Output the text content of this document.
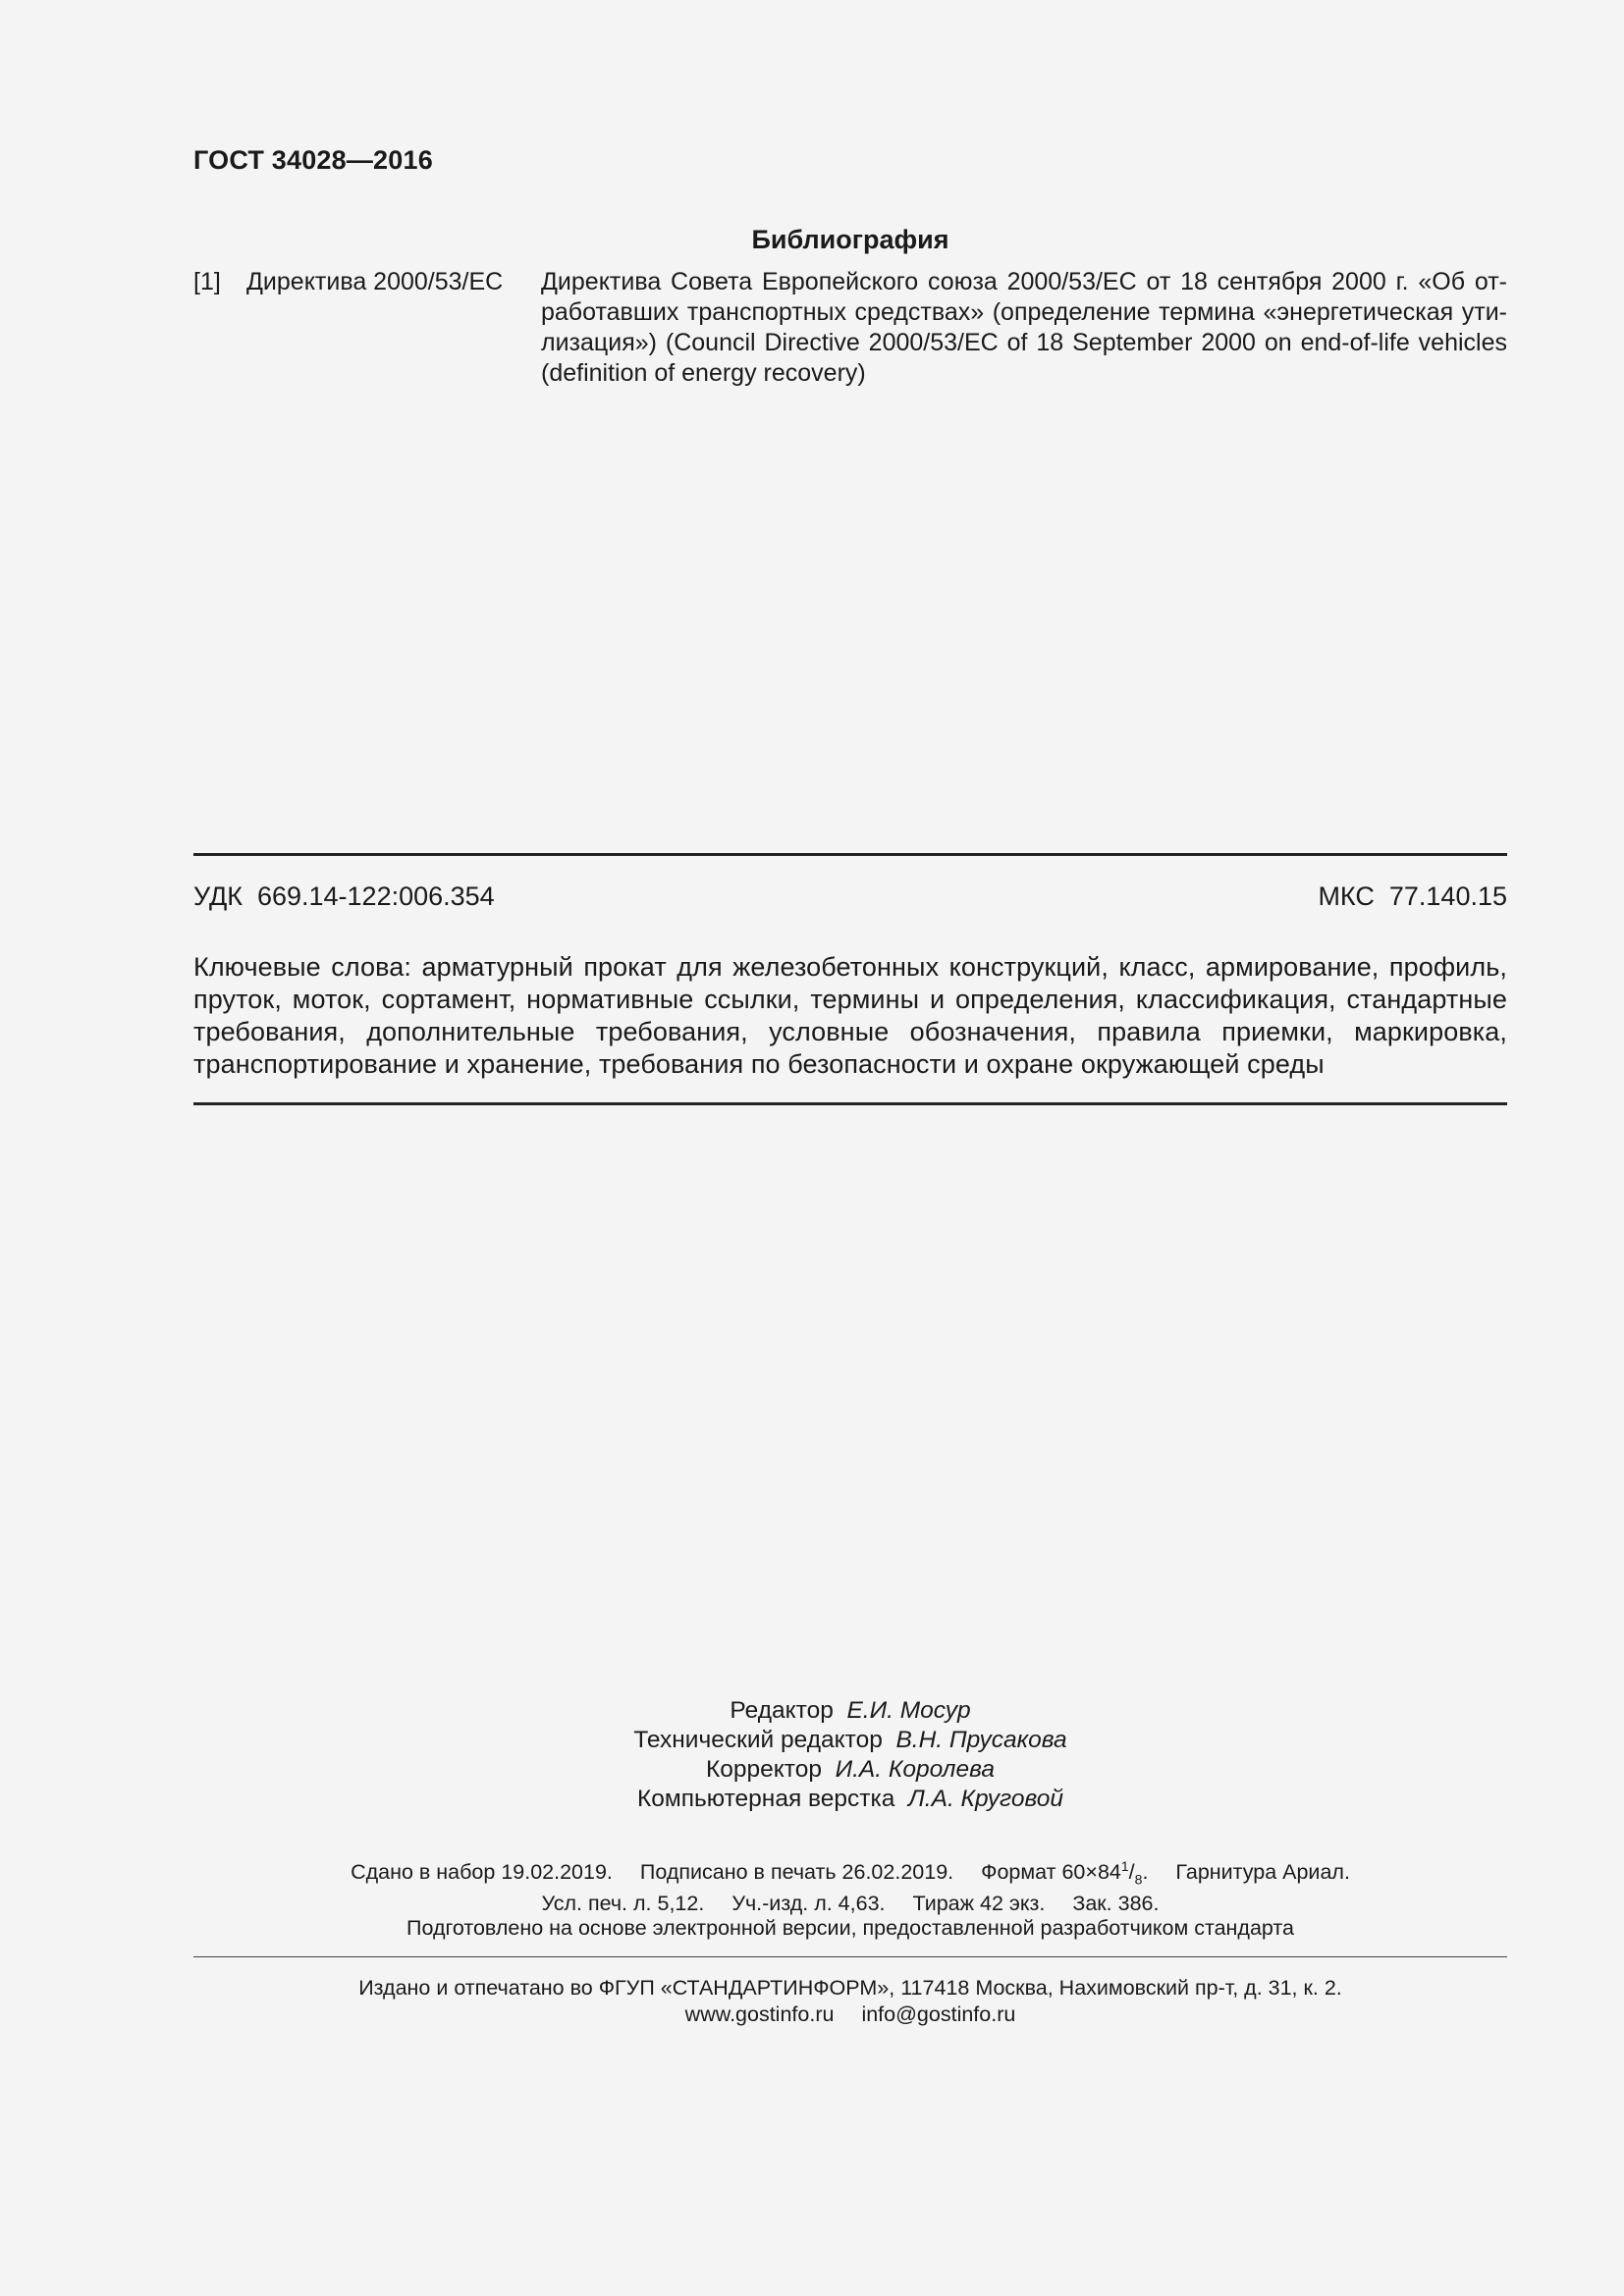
ГОСТ 34028—2016
Библиография
[1] Директива 2000/53/ЕС Директива Совета Европейского союза 2000/53/ЕС от 18 сентября 2000 г. «Об отработавших транспортных средствах» (определение термина «энергетическая утилизация») (Council Directive 2000/53/ЕС of 18 September 2000 on end-of-life vehicles (definition of energy recovery)
УДК 669.14-122:006.354	МКС 77.140.15
Ключевые слова: арматурный прокат для железобетонных конструкций, класс, армирование, профиль, пруток, моток, сортамент, нормативные ссылки, термины и определения, классификация, стандартные требования, дополнительные требования, условные обозначения, правила приемки, маркировка, транспортирование и хранение, требования по безопасности и охране окружающей среды
Редактор Е.И. Мосур
Технический редактор В.Н. Прусакова
Корректор И.А. Королева
Компьютерная верстка Л.А. Круговой
Сдано в набор 19.02.2019. Подписано в печать 26.02.2019. Формат $60\times 84^1/_8$. Гарнитура Ариал.
Усл. печ. л. 5,12. Уч.-изд. л. 4,63. Тираж 42 экз. Зак. 386.
Подготовлено на основе электронной версии, предоставленной разработчиком стандарта
Издано и отпечатано во ФГУП «СТАНДАРТИНФОРМ», 117418 Москва, Нахимовский пр-т, д. 31, к. 2.
www.gostinfo.ru info@gostinfo.ru
